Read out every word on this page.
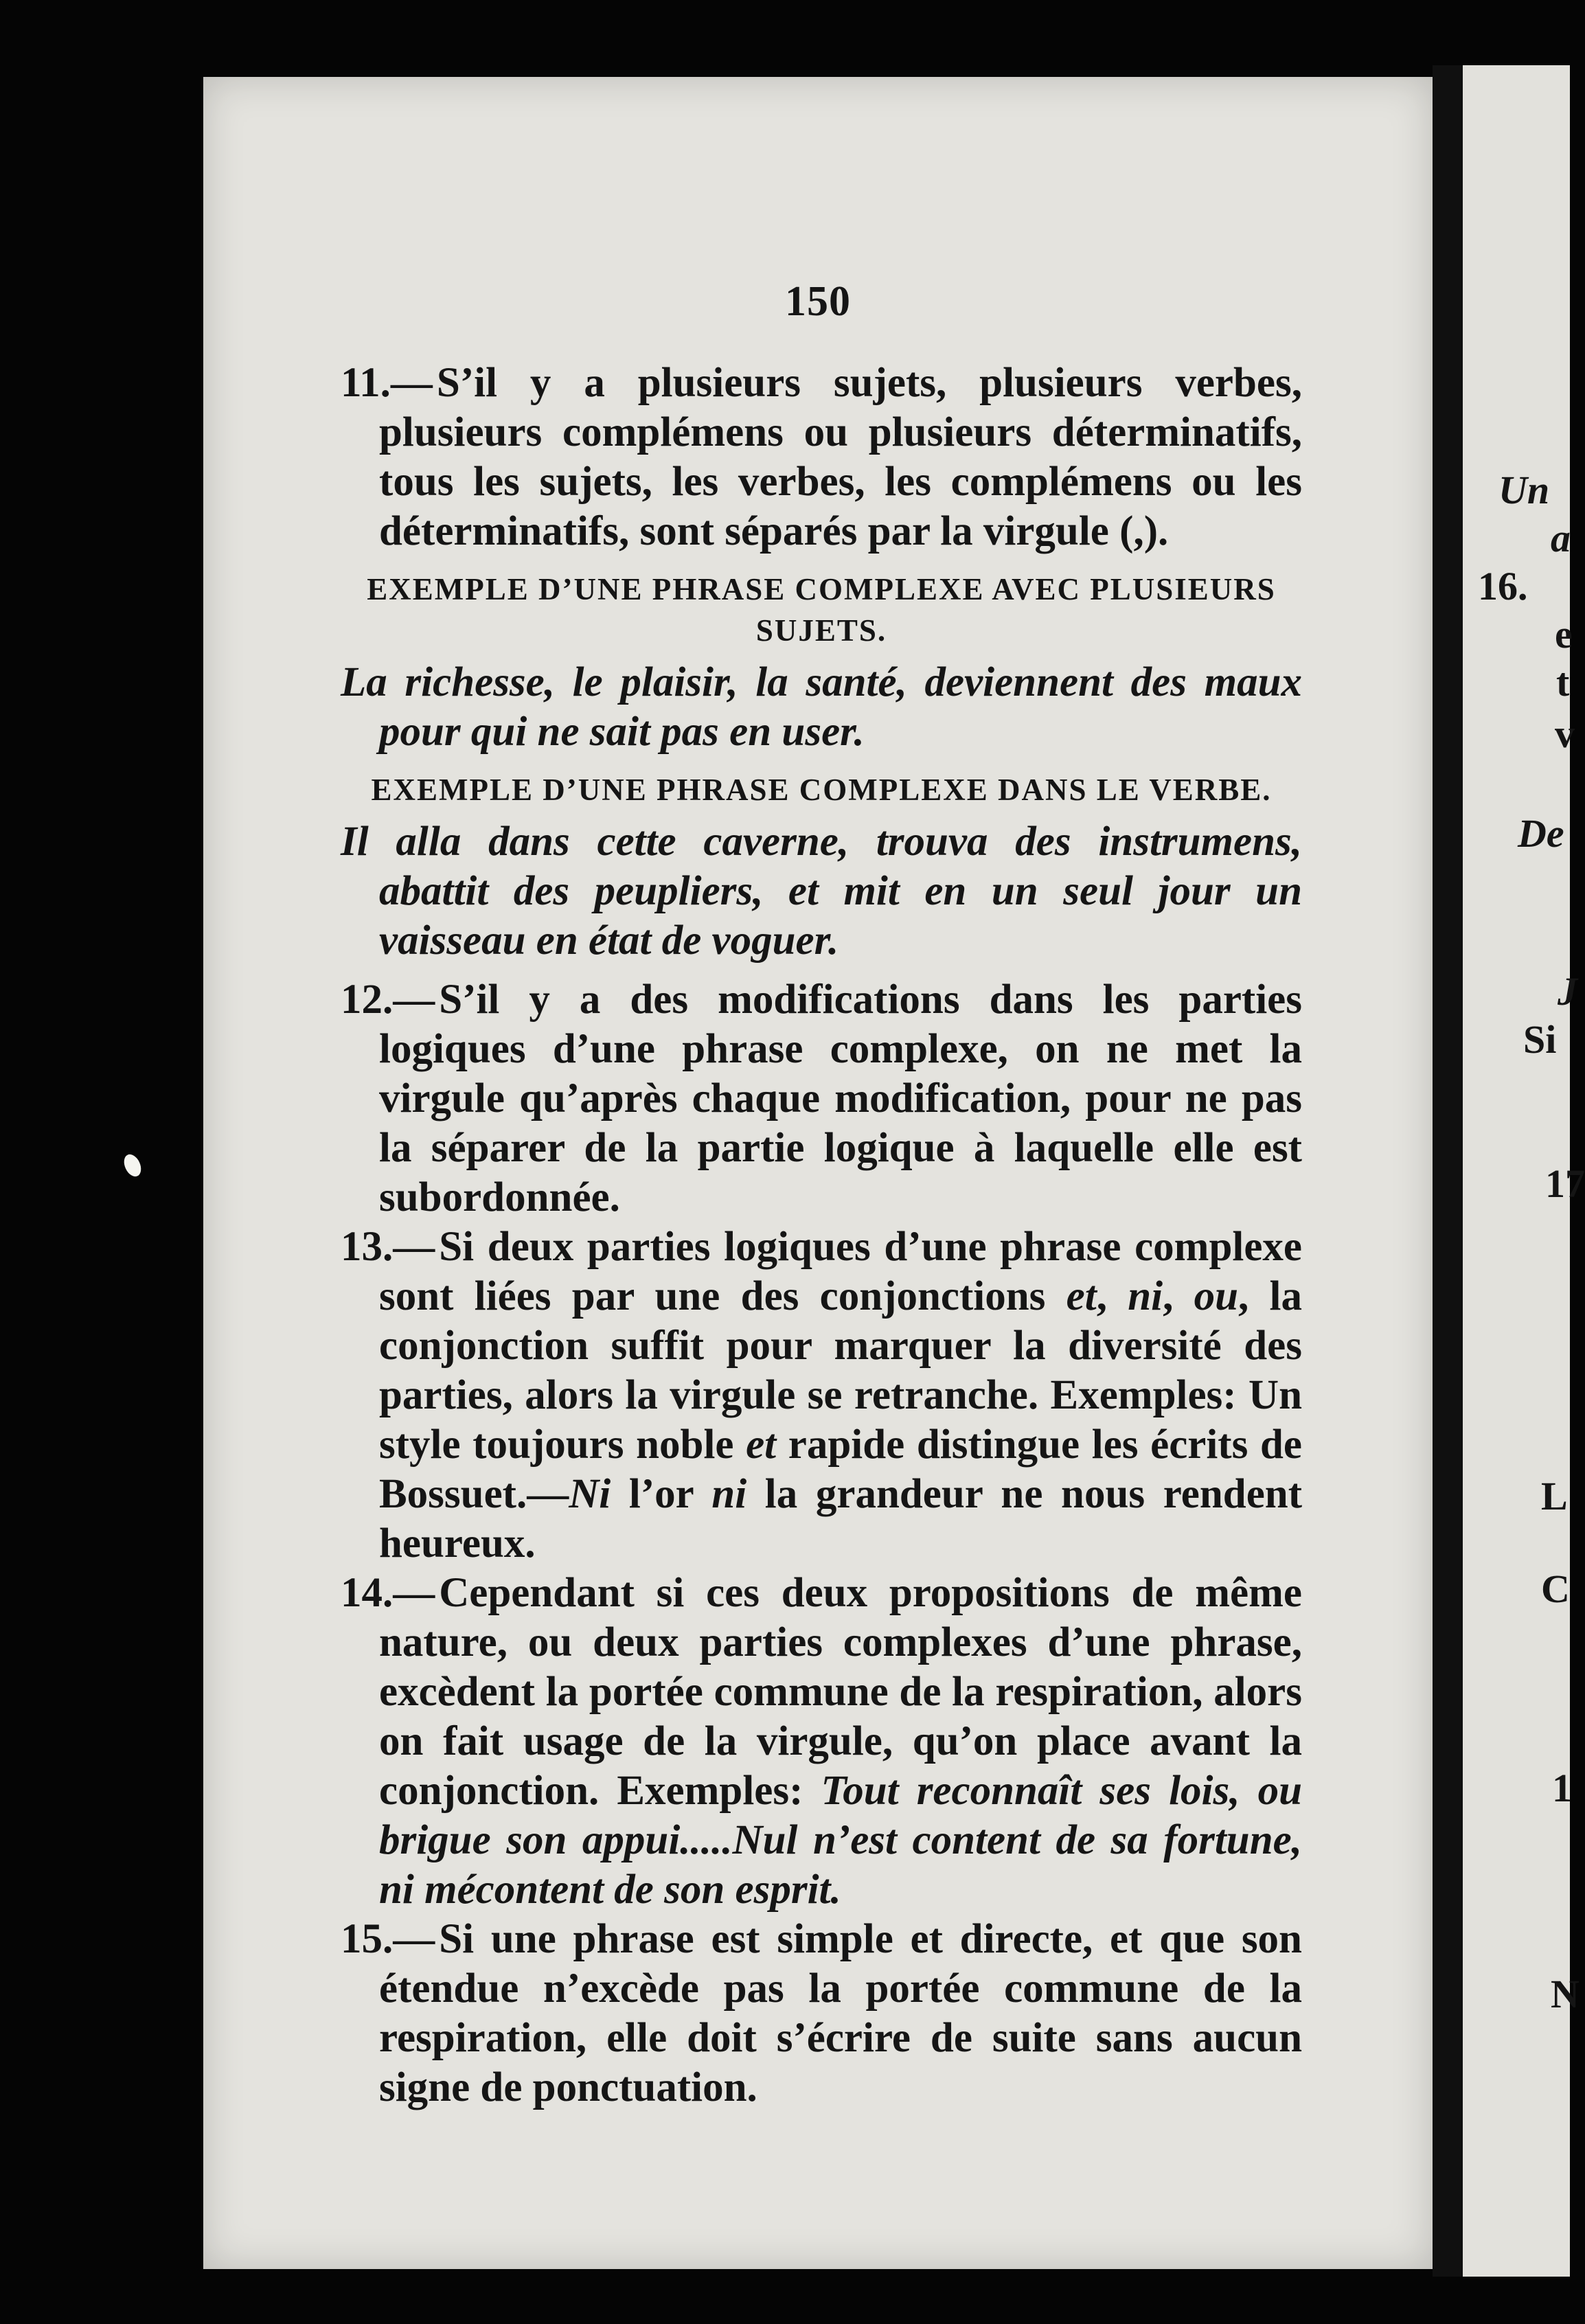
150

11.—S’il y a plusieurs sujets, plusieurs verbes, plusieurs complémens ou plusieurs déterminatifs, tous les sujets, les verbes, les complémens ou les déterminatifs, sont séparés par la virgule (,).

EXEMPLE D’UNE PHRASE COMPLEXE AVEC PLUSIEURS SUJETS.

La richesse, le plaisir, la santé, deviennent des maux pour qui ne sait pas en user.

EXEMPLE D’UNE PHRASE COMPLEXE DANS LE VERBE.

Il alla dans cette caverne, trouva des instrumens, abattit des peupliers, et mit en un seul jour un vaisseau en état de voguer.

12.—S’il y a des modifications dans les parties logiques d’une phrase complexe, on ne met la virgule qu’après chaque modification, pour ne pas la séparer de la partie logique à laquelle elle est subordonnée.

13.—Si deux parties logiques d’une phrase complexe sont liées par une des conjonctions et, ni, ou, la conjonction suffit pour marquer la diversité des parties, alors la virgule se retranche. Exemples: Un style toujours noble et rapide distingue les écrits de Bossuet.—Ni l’or ni la grandeur ne nous rendent heureux.

14.—Cependant si ces deux propositions de même nature, ou deux parties complexes d’une phrase, excèdent la portée commune de la respiration, alors on fait usage de la virgule, qu’on place avant la conjonction. Exemples: Tout reconnaît ses lois, ou brigue son appui.....Nul n’est content de sa fortune, ni mécontent de son esprit.

15.—Si une phrase est simple et directe, et que son étendue n’excède pas la portée commune de la respiration, elle doit s’écrire de suite sans aucun signe de ponctuation.

Un
a
16.
e
t
v
De
J
Si
17
L
C
1
N
